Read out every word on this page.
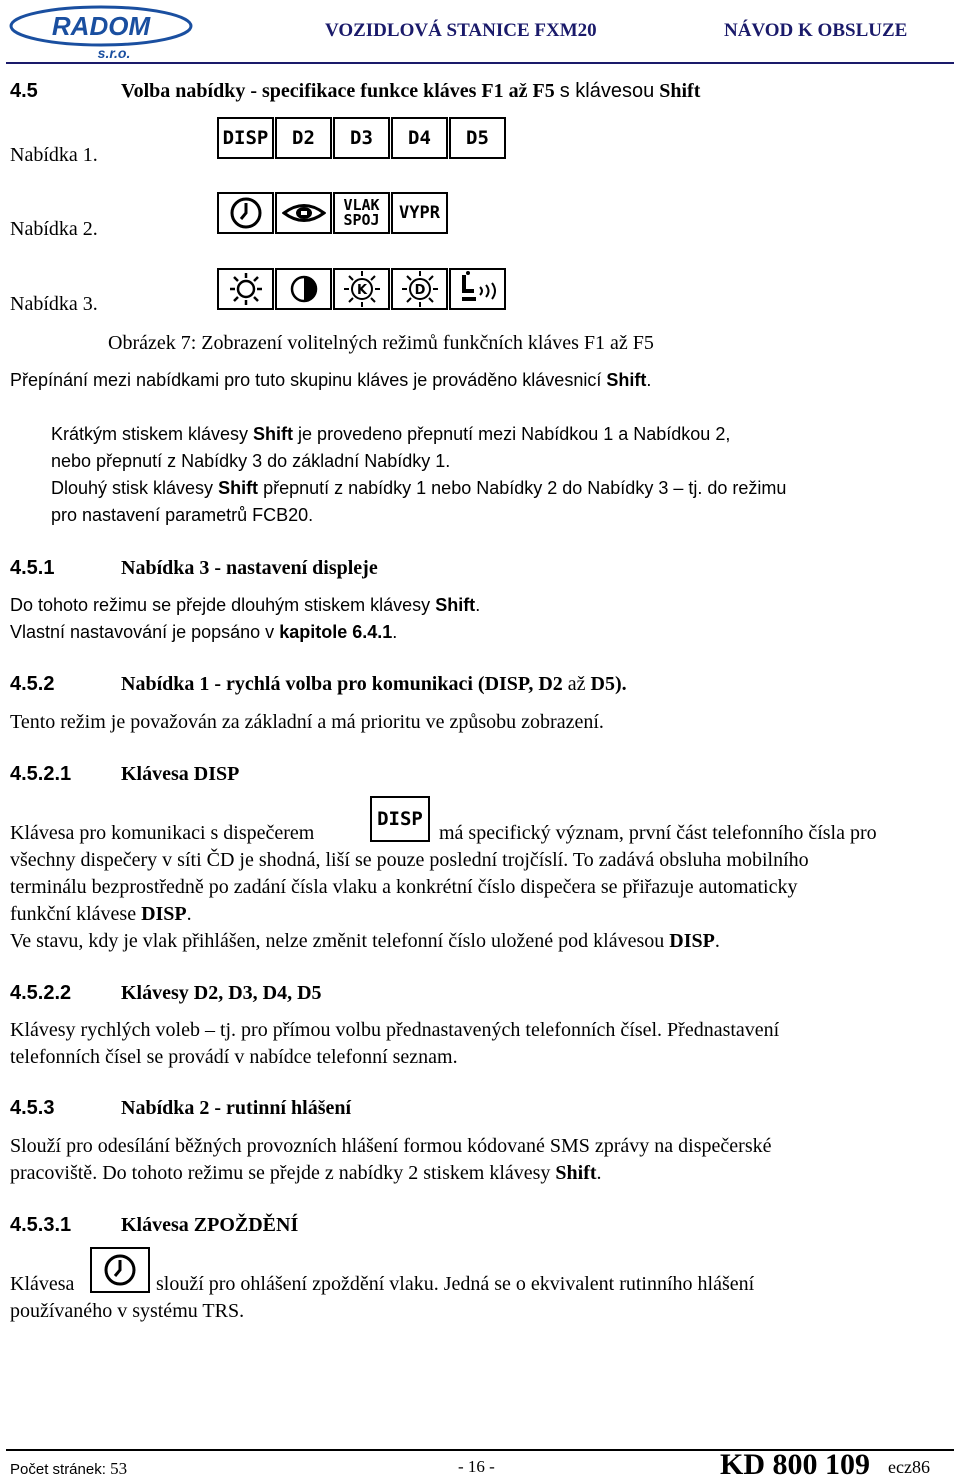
RADOM
s.r.o.
VOZIDLOVÁ STANICE FXM20	NÁVOD K OBSLUZE
4.5	Volba nabídky - specifikace funkce kláves F1 až F5 s klávesou Shift
Nabídka 1.
DISP	D2	D3	D4	D5
Nabídka 2.
VLAK SPOJ	VYPR
Nabídka 3.
K	D
Obrázek 7: Zobrazení volitelných režimů funkčních kláves F1 až F5
Přepínání mezi nabídkami pro tuto skupinu kláves je prováděno klávesnicí Shift.
Krátkým stiskem klávesy Shift je provedeno přepnutí mezi Nabídkou 1 a Nabídkou 2,
nebo přepnutí z Nabídky 3 do základní Nabídky 1.
Dlouhý stisk klávesy Shift přepnutí z nabídky 1 nebo Nabídky 2 do Nabídky 3 – tj. do režimu
pro nastavení parametrů FCB20.
4.5.1	Nabídka 3 - nastavení displeje
Do tohoto režimu se přejde dlouhým stiskem klávesy Shift.
Vlastní nastavování je popsáno v kapitole 6.4.1.
4.5.2	Nabídka 1 - rychlá volba pro komunikaci (DISP, D2 až D5).
Tento režim je považován za základní a má prioritu ve způsobu zobrazení.
4.5.2.1 Klávesa DISP
DISP
Klávesa pro komunikaci s dispečerem	má specifický význam, první část telefonního čísla pro
všechny dispečery v síti ČD je shodná, liší se pouze poslední trojčíslí. To zadává obsluha mobilního
terminálu bezprostředně po zadání čísla vlaku a konkrétní číslo dispečera se přiřazuje automaticky
funkční klávese DISP.
Ve stavu, kdy je vlak přihlášen, nelze změnit telefonní číslo uložené pod klávesou DISP.
4.5.2.2 Klávesy D2, D3, D4, D5
Klávesy rychlých voleb – tj. pro přímou volbu přednastavených telefonních čísel. Přednastavení
telefonních čísel se provádí v nabídce telefonní seznam.
4.5.3	Nabídka 2 - rutinní hlášení
Slouží pro odesílání běžných provozních hlášení formou kódované SMS zprávy na dispečerské
pracoviště. Do tohoto režimu se přejde z nabídky 2 stiskem klávesy Shift.
4.5.3.1 Klávesa ZPOŽDĚNÍ
Klávesa	slouží pro ohlášení zpoždění vlaku. Jedná se o ekvivalent rutinního hlášení
používaného v systému TRS.
Počet stránek: 53	- 16 -	KD 800 109 ecz86
